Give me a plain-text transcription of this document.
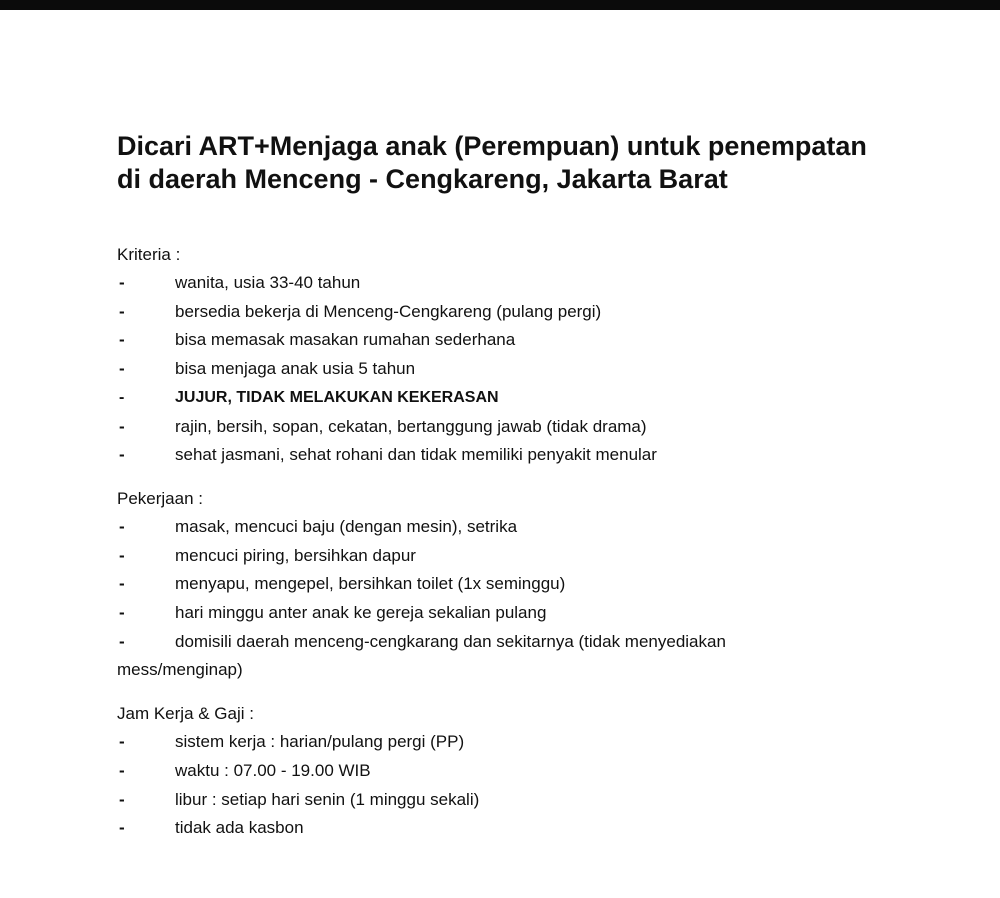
Dicari ART+Menjaga anak (Perempuan) untuk penempatan di daerah Menceng - Cengkareng, Jakarta Barat
Kriteria :
- wanita, usia 33-40 tahun
- bersedia bekerja di Menceng-Cengkareng (pulang pergi)
- bisa memasak masakan rumahan sederhana
- bisa menjaga anak usia 5 tahun
- JUJUR, TIDAK MELAKUKAN KEKERASAN
- rajin, bersih, sopan, cekatan, bertanggung jawab (tidak drama)
- sehat jasmani, sehat rohani dan tidak memiliki penyakit menular
Pekerjaan :
- masak, mencuci baju (dengan mesin), setrika
- mencuci piring, bersihkan dapur
- menyapu, mengepel, bersihkan toilet (1x seminggu)
- hari minggu anter anak ke gereja sekalian pulang
- domisili daerah menceng-cengkarang dan sekitarnya (tidak menyediakan
mess/menginap)
Jam Kerja & Gaji :
- sistem kerja : harian/pulang pergi (PP)
- waktu : 07.00 - 19.00 WIB
- libur : setiap hari senin (1 minggu sekali)
- tidak ada kasbon
